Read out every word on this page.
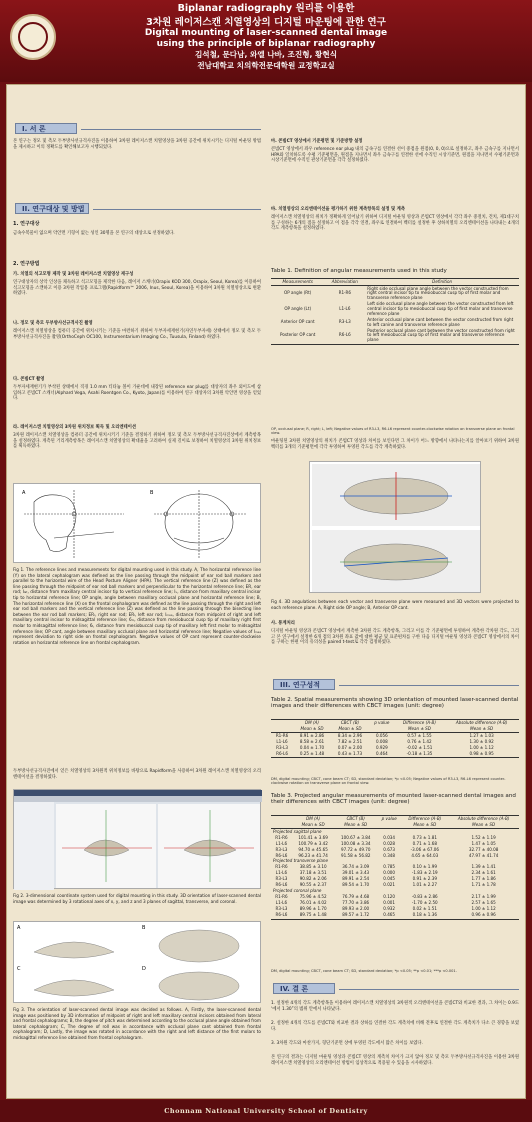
Biplanar radiography 원리를 이용한
3차원 레이저스캔 치열영상의 디지털 마운팅에 관한 연구
Digital mounting of laser-scanned dental image
using the principle of biplanar radiography
김석철, 문다남, 와엘 나바, 조진형, 황현식
전남대학교 치의학전문대학원 교정학교실
I. 서 론
본 연구는 정모 및 측모 두부방사선규격사진을 이용하여 3차원 레이저스캔 치열영상을 3차원 공간에 위치시키는 디지털 마운팅 방법을 제시하고 이의 정확도를 확인해보고자 시행되었다.
II. 연구대상 및 방법
1. 연구대상
금속수복물이 없으며 악안면 기형이 없는 성인 30명을 본 연구의 대상으로 선정하였다.
2. 연구방법
가. 치열의 석고모형 제작 및 3차원 레이저스캔 치열영상 재구성
연구대상자의 상악 인상을 채득하고 석고모형을 제작한 다음, 레이저 스캐너(Orapix KOD 300, Orapix, Seoul, Korea)를 이용하여 석고모형을 스캔하고 이용 3차원 작업용 프로그램(Rapidform™ 2006, Inus, Seoul, Korea)을 이용하여 3차원 치열영상으로 변환하였다.
나. 정모 및 측모 두부방사선규격사진 촬영
레이저스캔 치열영상을 컴퓨터 공간에 위치시키는 기준을 마련하기 위하여 두부자세재현기(자연두부자세) 상태에서 정모 및 측모 두부방사선규격사진을 촬영(OrthoCeph OC100, Instrumentarium Imaging Co., Tuusula, Finland) 하였다.
다. 콘빔CT 촬영
두부자세재현기가 부착된 상태에서 직경 1.0 mm 티타늄 볼이 가운데에 내장된 reference ear plug를 대상자의 좌우 외이도에 삽입하고 콘빔CT 스캐너(Alphard Vega, Asahi Roentgen Co., Kyoto, Japan)를 이용하여 연구 대상자의 3차원 악안면 영상을 얻었다.
라. 레이저스캔 치열영상의 3차원 위치정보 획득 및 오리엔테이션
3차원 레이저스캔 치열영상을 컴퓨터 공간에 위치시키기 기준을 결정하기 위하여 정모 및 측모 두부방사선규격사진상에서 계측항목을 설정하였다. 계측된 거리계측항목은 레이저스캔 치열영상의 확대율을 고려하여 실제 길이로 보정하여 치열영상의 3차원 위치정보를 획득하였다.
A	B
Fig 1. The reference lines and measurements for digital mounting used in this study. A, The horizontal reference line (Y) on the lateral cephalogram was defined as the line passing through the midpoint of ear rod ball markers and parallel to the horizontal wire of the Head Posture Aligner (HPA). The vertical reference line (Z) was defined as the line passing through the midpoint of ear rod ball markers and perpendicular to the horizontal reference line; ER, ear rod; Iₗₐₜ, distance from maxillary central incisor tip to vertical reference line; Iᵥ, distance from maxillary central incisor tip to horizontal reference line; OP angle, angle between maxillary occlusal plane and horizontal reference line; B, The horizontal reference line (X) on the frontal cephalogram was defined as the line passing through the right and left ear rod ball markers and the vertical reference line (Z) was defined as the line passing through the bisecting line between the ear rod ball markers; ERᵣ, right ear rod; ERₗ, left ear rod; Iₘₑₐ, distance from midpoint of right and left maxillary central incisor to midsagittal reference line; 6ₘ, distance from mesiobuccal cusp tip of maxillary right first molar to midsagittal reference line; 6ₗ, distance from mesiobuccal cusp tip of maxillary left first molar to midsagittal reference line; OP cant, angle between maxillary occlusal plane and horizontal reference line; Negative values of Iₘₑₐ represent deviation to right side on frontal cephalogram. Negative values of OP cant represent counter-clockwise rotation on horizontal reference line on frontal cephalogram.
두부방사선규격사진에서 얻은 치열영상의 3차원적 위치정보를 바탕으로 Rapidform을 사용하여 3차원 레이저스캔 치열영상의 오리엔테이션을 결정하였다.
Fig 2. 3-dimensional coordinate system used for digital mounting in this study. 3D orientation of laser-scanned dental image was determined by 3 rotational axes of x, y, and z and 3 planes of sagittal, transverse, and coronal.
A	B
C	D
Fig 3. The orientation of laser-scanned dental image was decided as follows. A, Firstly, the laser-scanned dental image was positioned by 3D information of midpoint of right and left maxillary central incisors obtained from lateral and frontal cephalograms; B, the degree of pitch was determined according to the occlusal plane angle obtained from lateral cephalogram; C, The degree of roll was in accordance with occlusal plane cant obtained from frontal cephalogram; D, Lastly, the image was rotated in accordance with the right and left distance of the first molars to midsagittal reference line obtained from frontal cephalogram.
마. 콘빔CT 영상에서 기준평면 및 기준방향 설정
콘빔CT 영상에서 좌우 reference ear plug 내의 금속구를 연결한 선이 중점을 원점(0, 0, 0)으로 설정하고, 좌우 금속구를 지나면서 HPA와 일치하도록 수평 기준평면을, 원점을 지나면서 좌우 금속구를 연결한 선에 수직인 시상기준면, 원점을 지나면서 수평기준면과 시상기준면에 수직인 관상기준면을 각각 설정하였다.
바. 치열영상의 오리엔테이션을 평가하기 위한 계측항목의 설정 및 계측
레이저스캔 치열영상의 위치가 정확하게 일어났기 위하여 디지털 마운팅 영상과 콘빔CT 영상에서 각각 좌우 중절치, 견치, 제1대구치를 구성하는 6개의 점을 설정하고 이 점을 각각 연결, 좌우로 연결하여 벡터를 설정한 후 상하치열의 오리엔테이션을 나타내는 4개의 각도 계측항목을 설정하였다.
Table 1. Definition of angular measurements used in this study
Measurements	Abbreviation	Definition
OP angle (Rt)	R1-R6	Right side occlusal plane angle between the vector constructed from right central incisor tip to mesiobuccal cusp tip of first molar and transverse reference plane
OP angle (Lt)	L1-L6	Left side occlusal plane angle between the vector constructed from left central incisor tip to mesiobuccal cusp tip of first molar and transverse reference plane
Anterior OP cant	R3-L3	Anterior occlusal plane cant between the vector constructed from right to left canine and transverse reference plane
Posterior OP cant	R6-L6	Posterior occlusal plane cant between the vector constructed from right to left mesiobuccal cusp tip of first molar and transverse reference plane
OP, occlusal plane; R, right; L, left; Negative values of R3-L3, R6-L6 represent counter-clockwise rotation on transverse plane on frontal view.
마운팅된 3차원 치열영상의 위치가 콘빔CT 영상과 차이를 보인다면 그 차이가 어느 방향에서 나타나는지를 알아보기 위하여 3차원 벡터를 3개의 기준평면에 각각 투영하여 투영된 각도를 각각 계측하였다.
Fig 4. 3D angulations between each vector and transverse plane were measured and 3D vectors were projected to each reference plane. A, Right side OP angle; B, Anterior OP cant.
사. 통계처리
디지털 마운팅 영상과 콘빔CT 영상에서 계측한 3차원 각도 계측항목, 그리고 이를 각 기준평면에 투영하여 계측한 각차원 각도, 그리고 본 연구에서 설정한 6개 점의 3차원 좌표 값에 대한 평균 및 표준편차를 구한 다음 디지털 마운팅 영상과 콘빔CT 영상에서의 차이를 구하는 한편 이의 유의성을 paired t-test로 각각 검정하였다.
III. 연구성적
Table 2. Spatial measurements showing 3D orientation of mounted laser-scanned dental images and their differences with CBCT images (unit: degree)
	DM (A)	CBCT (B)	p value	Difference (A-B)	Absolute difference (A-B)
	Mean ± SD	Mean ± SD		Mean ± SD	Mean ± SD
R1-R6	8.91 ± 2.86	8.34 ± 2.96	0.056	0.57 ± 1.55	1.27 ± 1.03
L1-L6	8.58 ± 2.61	7.82 ± 2.51	0.008	0.76 ± 1.42	1.30 ± 0.92
R3-L3	0.04 ± 1.70	0.07 ± 2.00	0.929	-0.02 ± 1.51	1.00 ± 1.12
R6-L6	0.25 ± 1.48	0.43 ± 1.73	0.464	-0.18 ± 1.35	0.98 ± 0.95
DM, digital mounting; CBCT, cone beam CT; SD, standard deviation; *p <0.05; Negative values of R3-L3, R6-L6 represent counter-clockwise rotation on transverse plane on frontal view.
Table 3. Projected angular measurements of mounted laser-scanned dental images and their differences with CBCT images (unit: degree)
	DM (A)	CBCT (B)	p value	Difference (A-B)	Absolute difference (A-B)
	Mean ± SD	Mean ± SD		Mean ± SD	Mean ± SD
Projected sagittal plane					
R1-R6	101.41 ± 3.69	100.67 ± 3.84	0.034	0.73 ± 1.81	1.52 ± 1.19
L1-L6	100.79 ± 3.42	100.08 ± 3.34	0.028	0.71 ± 1.68	1.47 ± 1.05
R3-L3	94.70 ± 45.65	97.72 ± 49.70	0.673	-3.06 ± 67.06	32.77 ± 40.08
R6-L6	96.23 ± 41.74	91.58 ± 56.82	0.348	4.65 ± 64.03	47.97 ± 41.74
Projected transverse plane					
R1-R6	38.85 ± 3.10	36.74 ± 3.09	0.785	0.10 ± 1.99	1.39 ± 1.41
L1-L6	37.18 ± 3.51	39.01 ± 3.43	0.000	-1.83 ± 2.19	2.34 ± 1.61
R3-L3	90.82 ± 2.06	89.91 ± 2.54	0.045	0.91 ± 2.39	1.77 ± 1.86
R6-L6	90.55 ± 2.37	89.54 ± 1.70	0.021	1.01 ± 2.27	1.71 ± 1.78
Projected coronal plane					
R1-R6	75.96 ± 4.52	76.79 ± 4.68	0.120	-0.83 ± 2.86	2.17 ± 1.99
L1-L6	76.01 ± 4.02	77.70 ± 3.86	0.001	-1.70 ± 2.50	2.57 ± 1.65
R3-L3	89.96 ± 1.70	89.93 ± 2.00	0.932	0.02 ± 1.51	1.00 ± 1.12
R6-L6	89.75 ± 1.48	89.57 ± 1.72	0.465	0.18 ± 1.36	0.96 ± 0.96
DM, digital mounting; CBCT, cone beam CT; SD, standard deviation; *p <0.05; **p <0.01; ***p <0.001.
IV. 결 론
1. 설정한 4개의 각도 계측항목을 이용하여 레이저스캔 치열영상의 3차원적 오리엔테이션을 콘빔CT와 비교한 결과, 그 차이는 0.9도 ‘에서 1.30˚의 범위 안에서 나타났다.
2. 설정한 4개의 각도를 콘빔CT와 비교한 결과 상하를 연결한 각도 계측치에 비해 전후로 연결한 각도 계측치가 다소 큰 경향을 보였다.
3. 3차원 각도와 마찬가지, 형단기준면 상에 투영된 각도에서 많은 차이를 보였다.
본 연구의 결과는 디지털 마운팅 영상과 콘빔CT 영상의 계측치 차이가 크지 않아 정모 및 측모 두부방사선규격사진을 이용한 3차원 레이저스캔 치열영상의 오리엔테이션 방법이 임상적으로 적용될 수 있음을 시사하였다.
Chonnam National University School of Dentistry
